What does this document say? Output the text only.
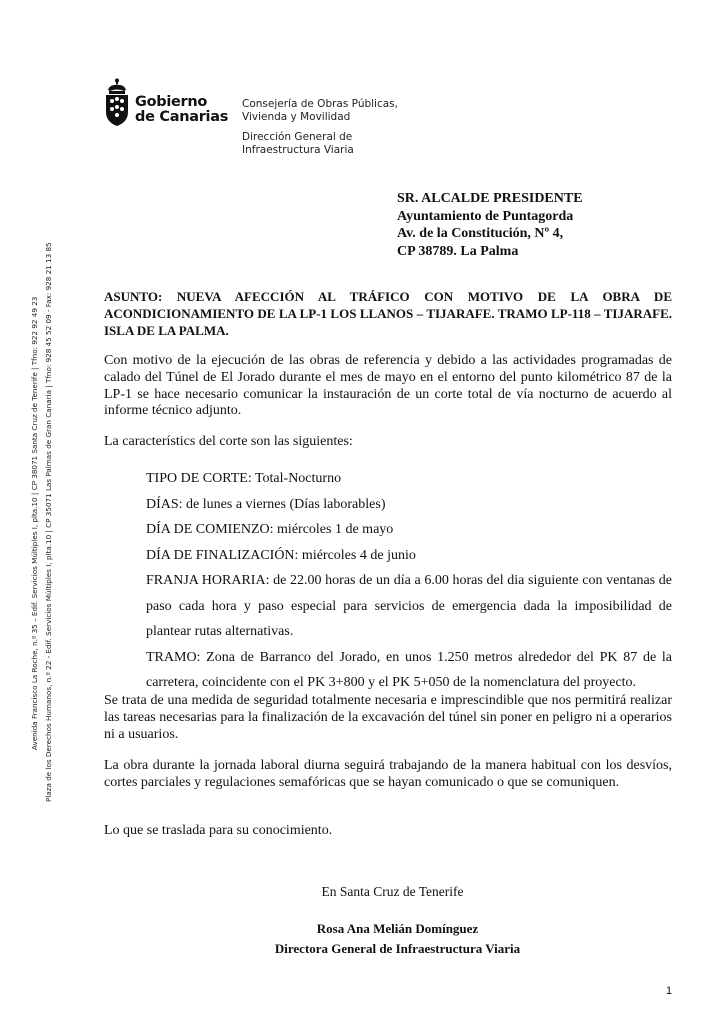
Gobierno
de Canarias
Consejería de Obras Públicas,
Vivienda y Movilidad
Dirección General de
Infraestructura Viaria
Avenida Francisco La Roche, n.º 35 – Edif. Servicios Múltiples I, plta.10 | CP 38071 Santa Cruz de Tenerife | Tfno: 922 92 49 23 Plaza de los Derechos Humanos, n.º 22 - Edif. Servicios Múltiples I, plta.10 | CP 35071 Las Palmas de Gran Canaria | Tfno: 928 45 52 09 - Fax: 928 21 13 85
SR. ALCALDE PRESIDENTE
Ayuntamiento de Puntagorda
Av. de la Constitución, Nº 4,
CP 38789. La Palma

ASUNTO: NUEVA AFECCIÓN AL TRÁFICO CON MOTIVO DE LA OBRA DE ACONDICIONAMIENTO DE LA LP-1 LOS LLANOS – TIJARAFE. TRAMO LP-118 – TIJARAFE. ISLA DE LA PALMA.

Con motivo de la ejecución de las obras de referencia y debido a las actividades programadas de calado del Túnel de El Jorado durante el mes de mayo en el entorno del punto kilométrico 87 de la LP-1 se hace necesario comunicar la instauración de un corte total de vía nocturno de acuerdo al informe técnico adjunto.

La característics del corte son las siguientes:

TIPO DE CORTE: Total-Nocturno

DÍAS: de lunes a viernes (Días laborables)

DÍA DE COMIENZO: miércoles 1 de mayo

DÍA DE FINALIZACIÓN: miércoles 4 de junio

FRANJA HORARIA: de 22.00 horas de un día a 6.00 horas del dia siguiente con ventanas de paso cada hora y paso especial para servicios de emergencia dada la imposibilidad de plantear rutas alternativas.

TRAMO: Zona de Barranco del Jorado, en unos 1.250 metros alrededor del PK 87 de la carretera, coincidente con el PK 3+800 y el PK 5+050 de la nomenclatura del proyecto.

Se trata de una medida de seguridad totalmente necesaria e imprescindible que nos permitirá realizar las tareas necesarias para la finalización de la excavación del túnel sin poner en peligro ni a operarios ni a usuarios.

La obra durante la jornada laboral diurna seguirá trabajando de la manera habitual con los desvíos, cortes parciales y regulaciones semafóricas que se hayan comunicado o que se comuniquen.

Lo que se traslada para su conocimiento.

En Santa Cruz de Tenerife
Rosa Ana Melián Domínguez
Directora General de Infraestructura Viaria
1
